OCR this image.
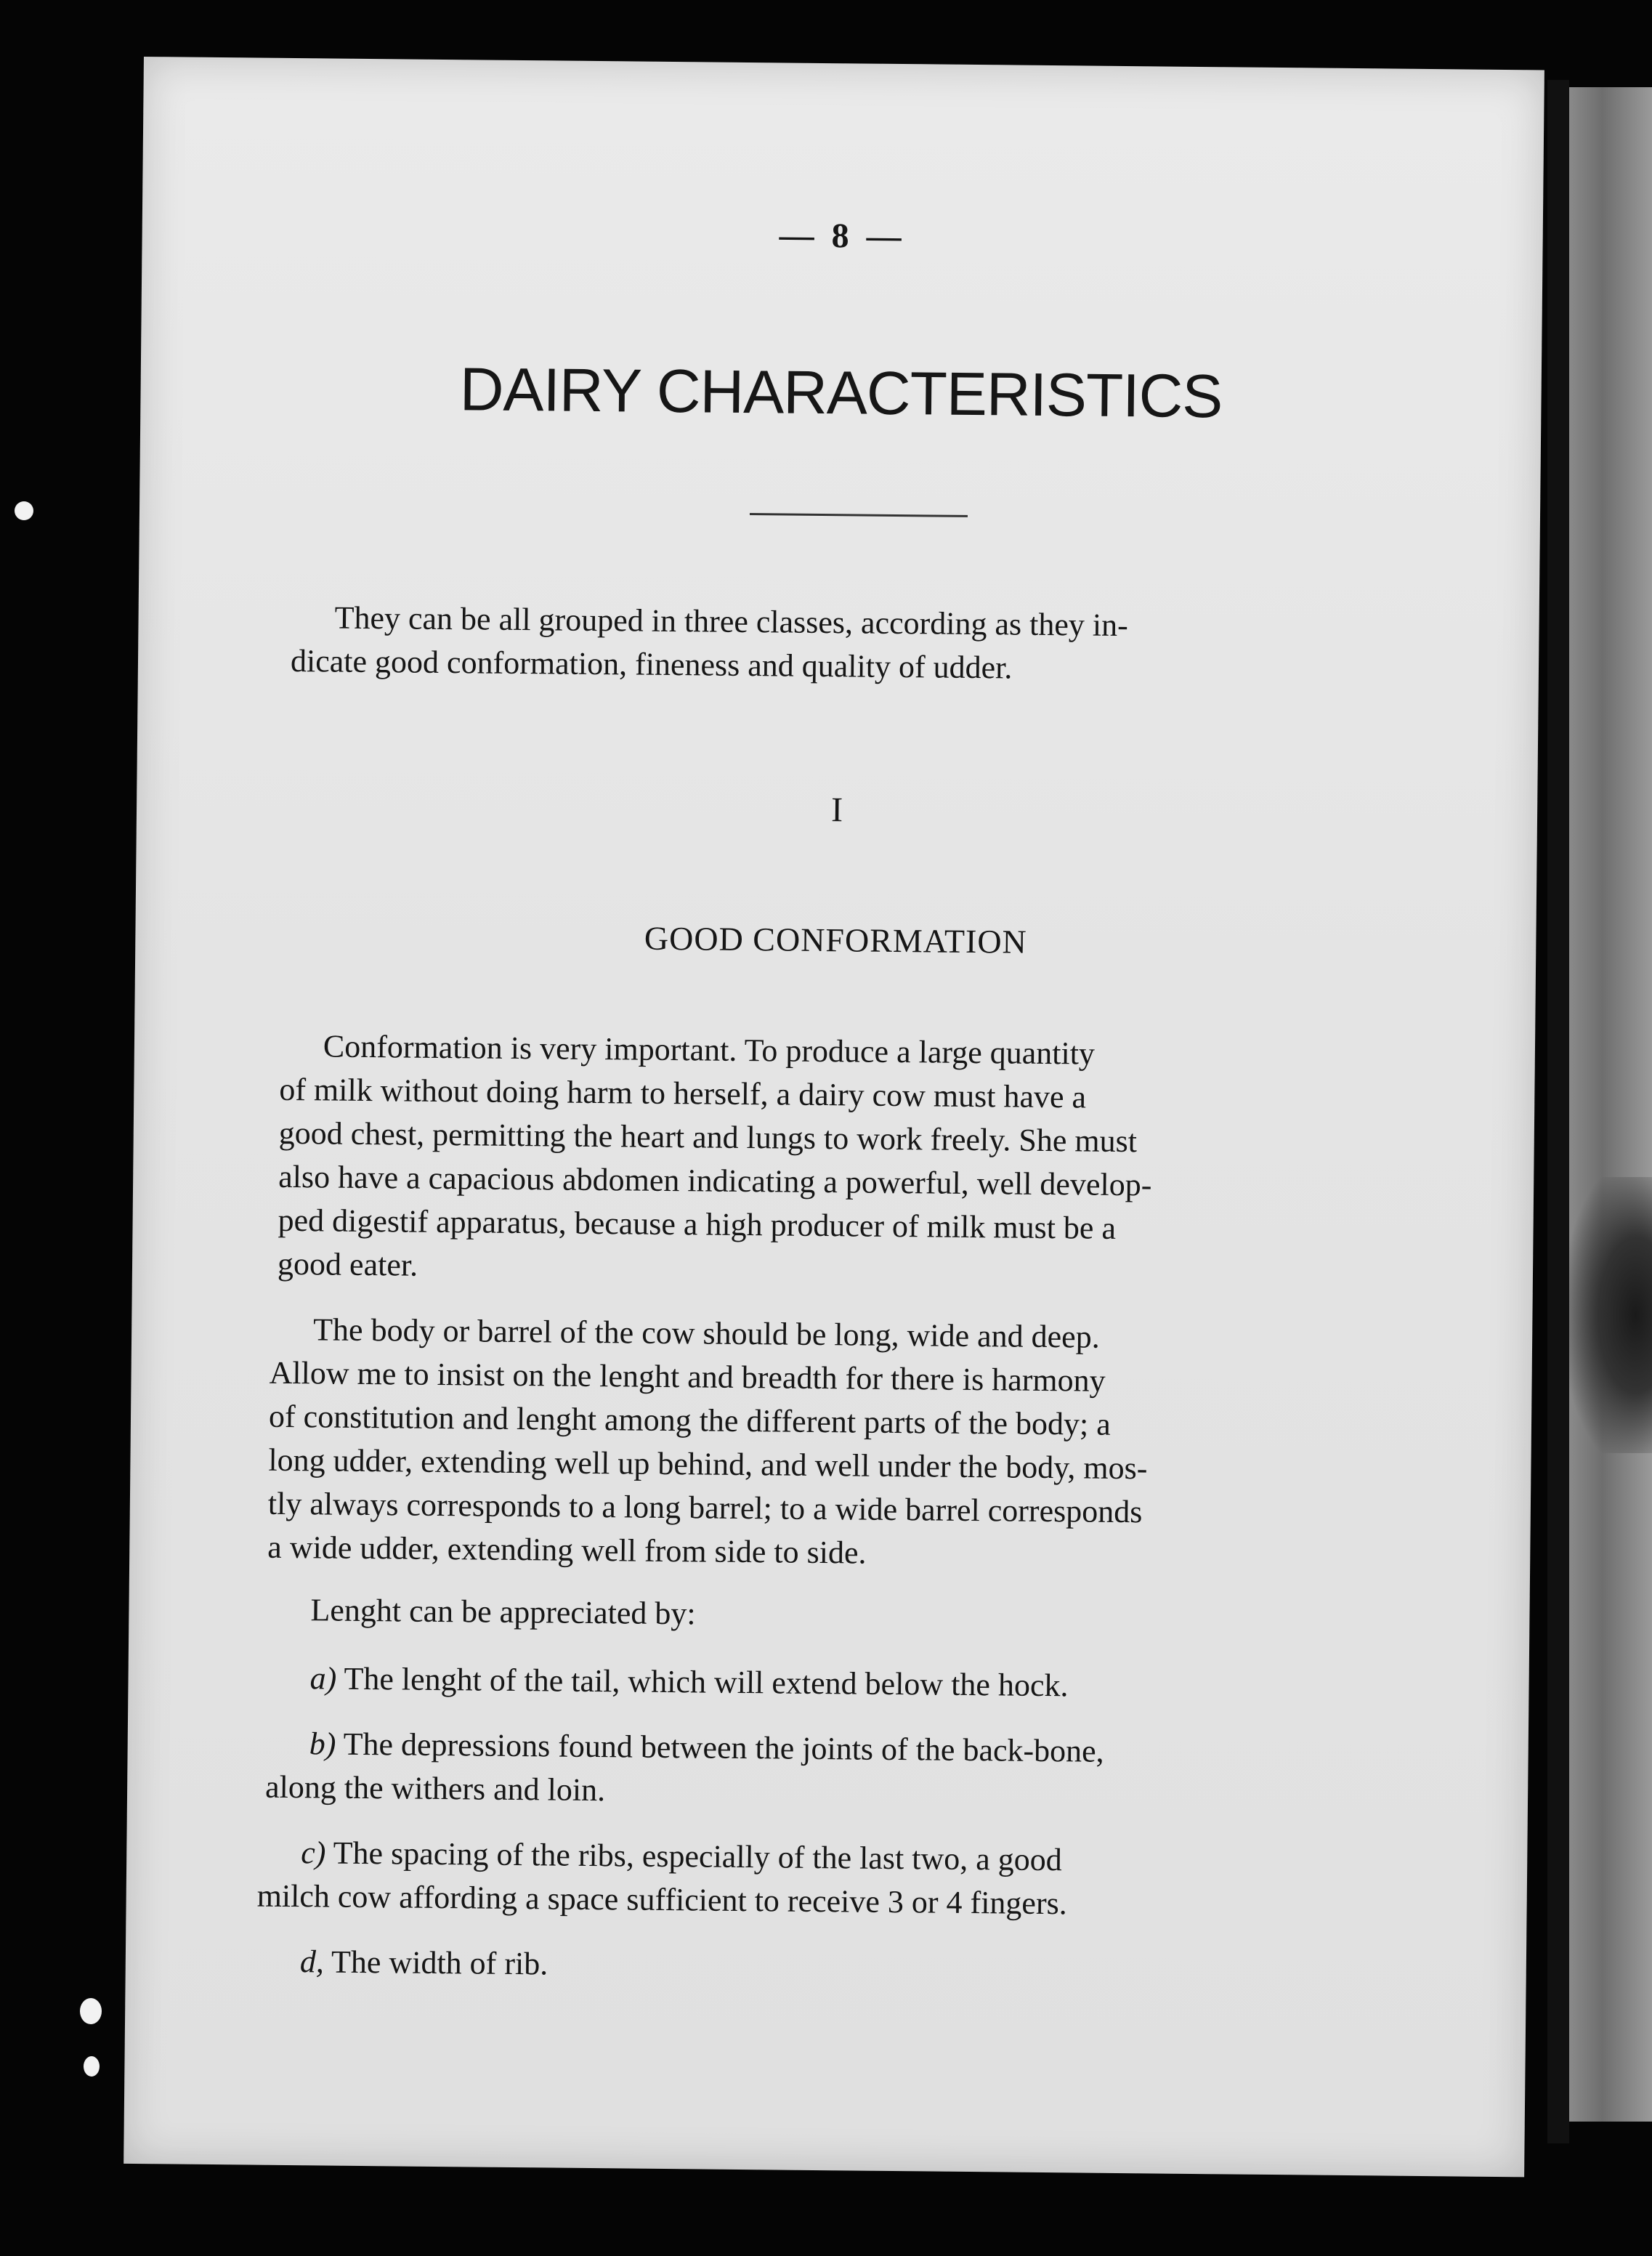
— 8 —
DAIRY CHARACTERISTICS
They can be all grouped in three classes, according as they in-
dicate good conformation, fineness and quality of udder.
I
GOOD CONFORMATION
Conformation is very important. To produce a large quantity
of milk without doing harm to herself, a dairy cow must have a
good chest, permitting the heart and lungs to work freely. She must
also have a capacious abdomen indicating a powerful, well develop-
ped digestif apparatus, because a high producer of milk must be a
good eater.
The body or barrel of the cow should be long, wide and deep.
Allow me to insist on the lenght and breadth for there is harmony
of constitution and lenght among the different parts of the body; a
long udder, extending well up behind, and well under the body, mos-
tly always corresponds to a long barrel; to a wide barrel corresponds
a wide udder, extending well from side to side.
Lenght can be appreciated by:
a) The lenght of the tail, which will extend below the hock.
b) The depressions found between the joints of the back-bone,
along the withers and loin.
c) The spacing of the ribs, especially of the last two, a good
milch cow affording a space sufficient to receive 3 or 4 fingers.
d, The width of rib.
